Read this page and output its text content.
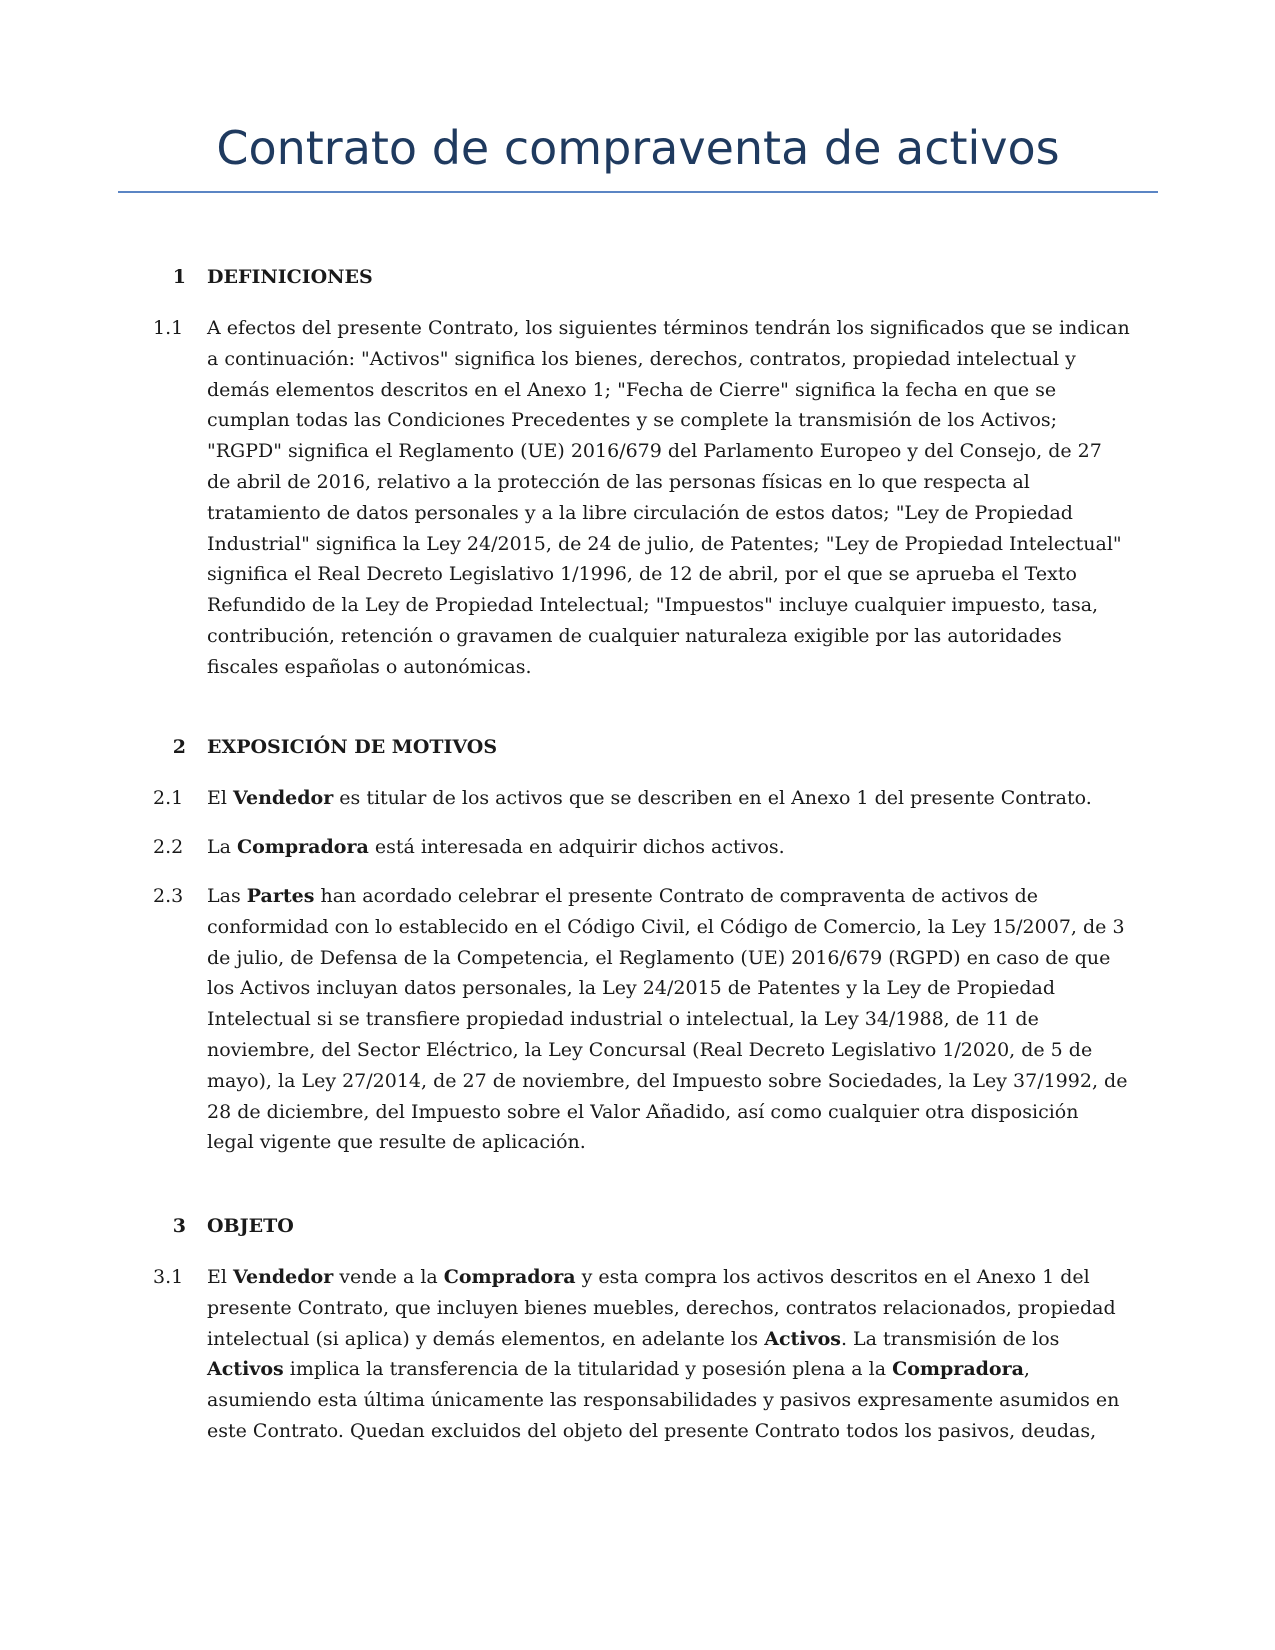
Contrato de compraventa de activos
1 DEFINICIONES
1.1	A efectos del presente Contrato, los siguientes términos tendrán los significados que se indican a continuación: "Activos" significa los bienes, derechos, contratos, propiedad intelectual y demás elementos descritos en el Anexo 1; "Fecha de Cierre" significa la fecha en que se cumplan todas las Condiciones Precedentes y se complete la transmisión de los Activos; "RGPD" significa el Reglamento (UE) 2016/679 del Parlamento Europeo y del Consejo, de 27 de abril de 2016, relativo a la protección de las personas físicas en lo que respecta al tratamiento de datos personales y a la libre circulación de estos datos; "Ley de Propiedad Industrial" significa la Ley 24/2015, de 24 de julio, de Patentes; "Ley de Propiedad Intelectual" significa el Real Decreto Legislativo 1/1996, de 12 de abril, por el que se aprueba el Texto Refundido de la Ley de Propiedad Intelectual; "Impuestos" incluye cualquier impuesto, tasa, contribución, retención o gravamen de cualquier naturaleza exigible por las autoridades fiscales españolas o autonómicas.
2 EXPOSICIÓN DE MOTIVOS
2.1	El Vendedor es titular de los activos que se describen en el Anexo 1 del presente Contrato.
2.2	La Compradora está interesada en adquirir dichos activos.
2.3	Las Partes han acordado celebrar el presente Contrato de compraventa de activos de conformidad con lo establecido en el Código Civil, el Código de Comercio, la Ley 15/2007, de 3 de julio, de Defensa de la Competencia, el Reglamento (UE) 2016/679 (RGPD) en caso de que los Activos incluyan datos personales, la Ley 24/2015 de Patentes y la Ley de Propiedad Intelectual si se transfiere propiedad industrial o intelectual, la Ley 34/1988, de 11 de noviembre, del Sector Eléctrico, la Ley Concursal (Real Decreto Legislativo 1/2020, de 5 de mayo), la Ley 27/2014, de 27 de noviembre, del Impuesto sobre Sociedades, la Ley 37/1992, de 28 de diciembre, del Impuesto sobre el Valor Añadido, así como cualquier otra disposición legal vigente que resulte de aplicación.
3 OBJETO
3.1	El Vendedor vende a la Compradora y esta compra los activos descritos en el Anexo 1 del presente Contrato, que incluyen bienes muebles, derechos, contratos relacionados, propiedad intelectual (si aplica) y demás elementos, en adelante los Activos. La transmisión de los Activos implica la transferencia de la titularidad y posesión plena a la Compradora, asumiendo esta última únicamente las responsabilidades y pasivos expresamente asumidos en este Contrato. Quedan excluidos del objeto del presente Contrato todos los pasivos, deudas,
